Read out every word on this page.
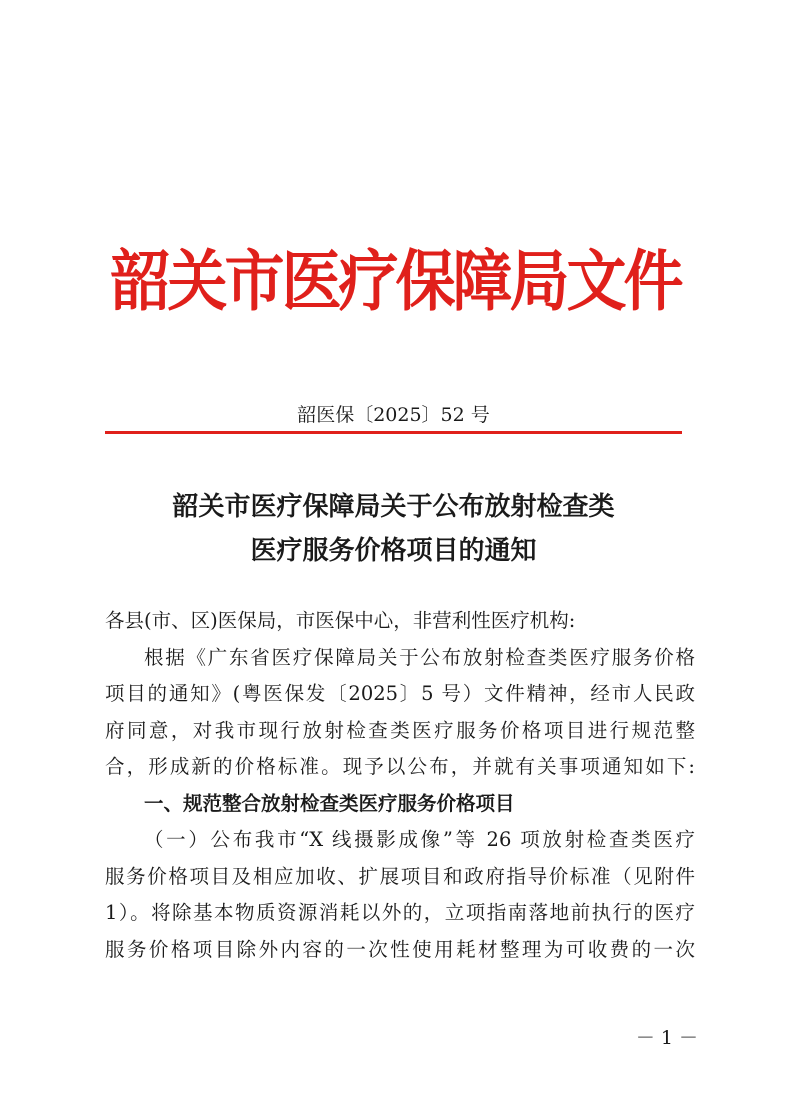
韶关市医疗保障局文件
韶医保〔2025〕52 号
韶关市医疗保障局关于公布放射检查类
医疗服务价格项目的通知

各县(市、区)医保局，市医保中心，非营利性医疗机构:

根据《广东省医疗保障局关于公布放射检查类医疗服务价格

项目的通知》(粤医保发〔2025〕5 号）文件精神，经市人民政

府同意，对我市现行放射检查类医疗服务价格项目进行规范整

合，形成新的价格标准。现予以公布，并就有关事项通知如下:

一、规范整合放射检查类医疗服务价格项目

（一）公布我市“X 线摄影成像”等 26 项放射检查类医疗

服务价格项目及相应加收、扩展项目和政府指导价标准（见附件

1）。将除基本物质资源消耗以外的，立项指南落地前执行的医疗

服务价格项目除外内容的一次性使用耗材整理为可收费的一次

－ 1 －
